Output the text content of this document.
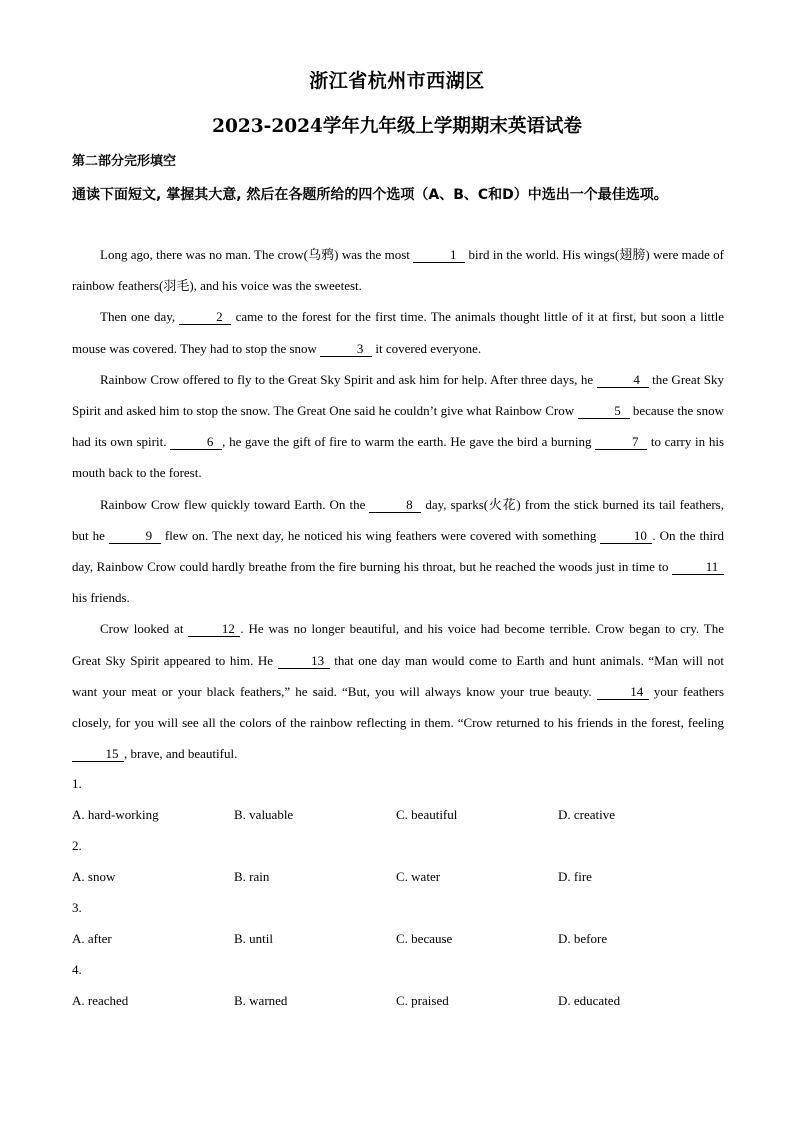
浙江省杭州市西湖区
2023-2024学年九年级上学期期末英语试卷
第二部分完形填空
通读下面短文, 掌握其大意, 然后在各题所给的四个选项（A、B、C和D）中选出一个最佳选项。

Long ago, there was no man. The crow(乌鸦) was the most	1 bird in the world. His wings(翅膀) were made of rainbow feathers(羽毛), and his voice was the sweetest.

Then one day,	2 came to the forest for the first time. The animals thought little of it at first, but soon a little mouse was covered. They had to stop the snow	3 it covered everyone.

Rainbow Crow offered to fly to the Great Sky Spirit and ask him for help. After three days, he	4 the Great Sky Spirit and asked him to stop the snow. The Great One said he couldn’t give what Rainbow Crow	5 because the snow had its own spirit.	6 , he gave the gift of fire to warm the earth. He gave the bird a burning	7 to carry in his mouth back to the forest.

Rainbow Crow flew quickly toward Earth. On the	8 day, sparks(火花) from the stick burned its tail feathers, but he	9 flew on. The next day, he noticed his wing feathers were covered with something	10 . On the third day, Rainbow Crow could hardly breathe from the fire burning his throat, but he reached the woods just in time to	11 his friends.

Crow looked at	12 . He was no longer beautiful, and his voice had become terrible. Crow began to cry. The Great Sky Spirit appeared to him. He	13 that one day man would come to Earth and hunt animals. “Man will not want your meat or your black feathers,” he said. “But, you will always know your true beauty.	14 your feathers closely, for you will see all the colors of the rainbow reflecting in them. “Crow returned to his friends in the forest, feeling 15 , brave, and beautiful.

1.
A. hard-working	B. valuable	C. beautiful	D. creative
2.
A. snow	B. rain	C. water	D. fire
3.
A. after	B. until	C. because	D. before
4.
A. reached	B. warned	C. praised	D. educated
